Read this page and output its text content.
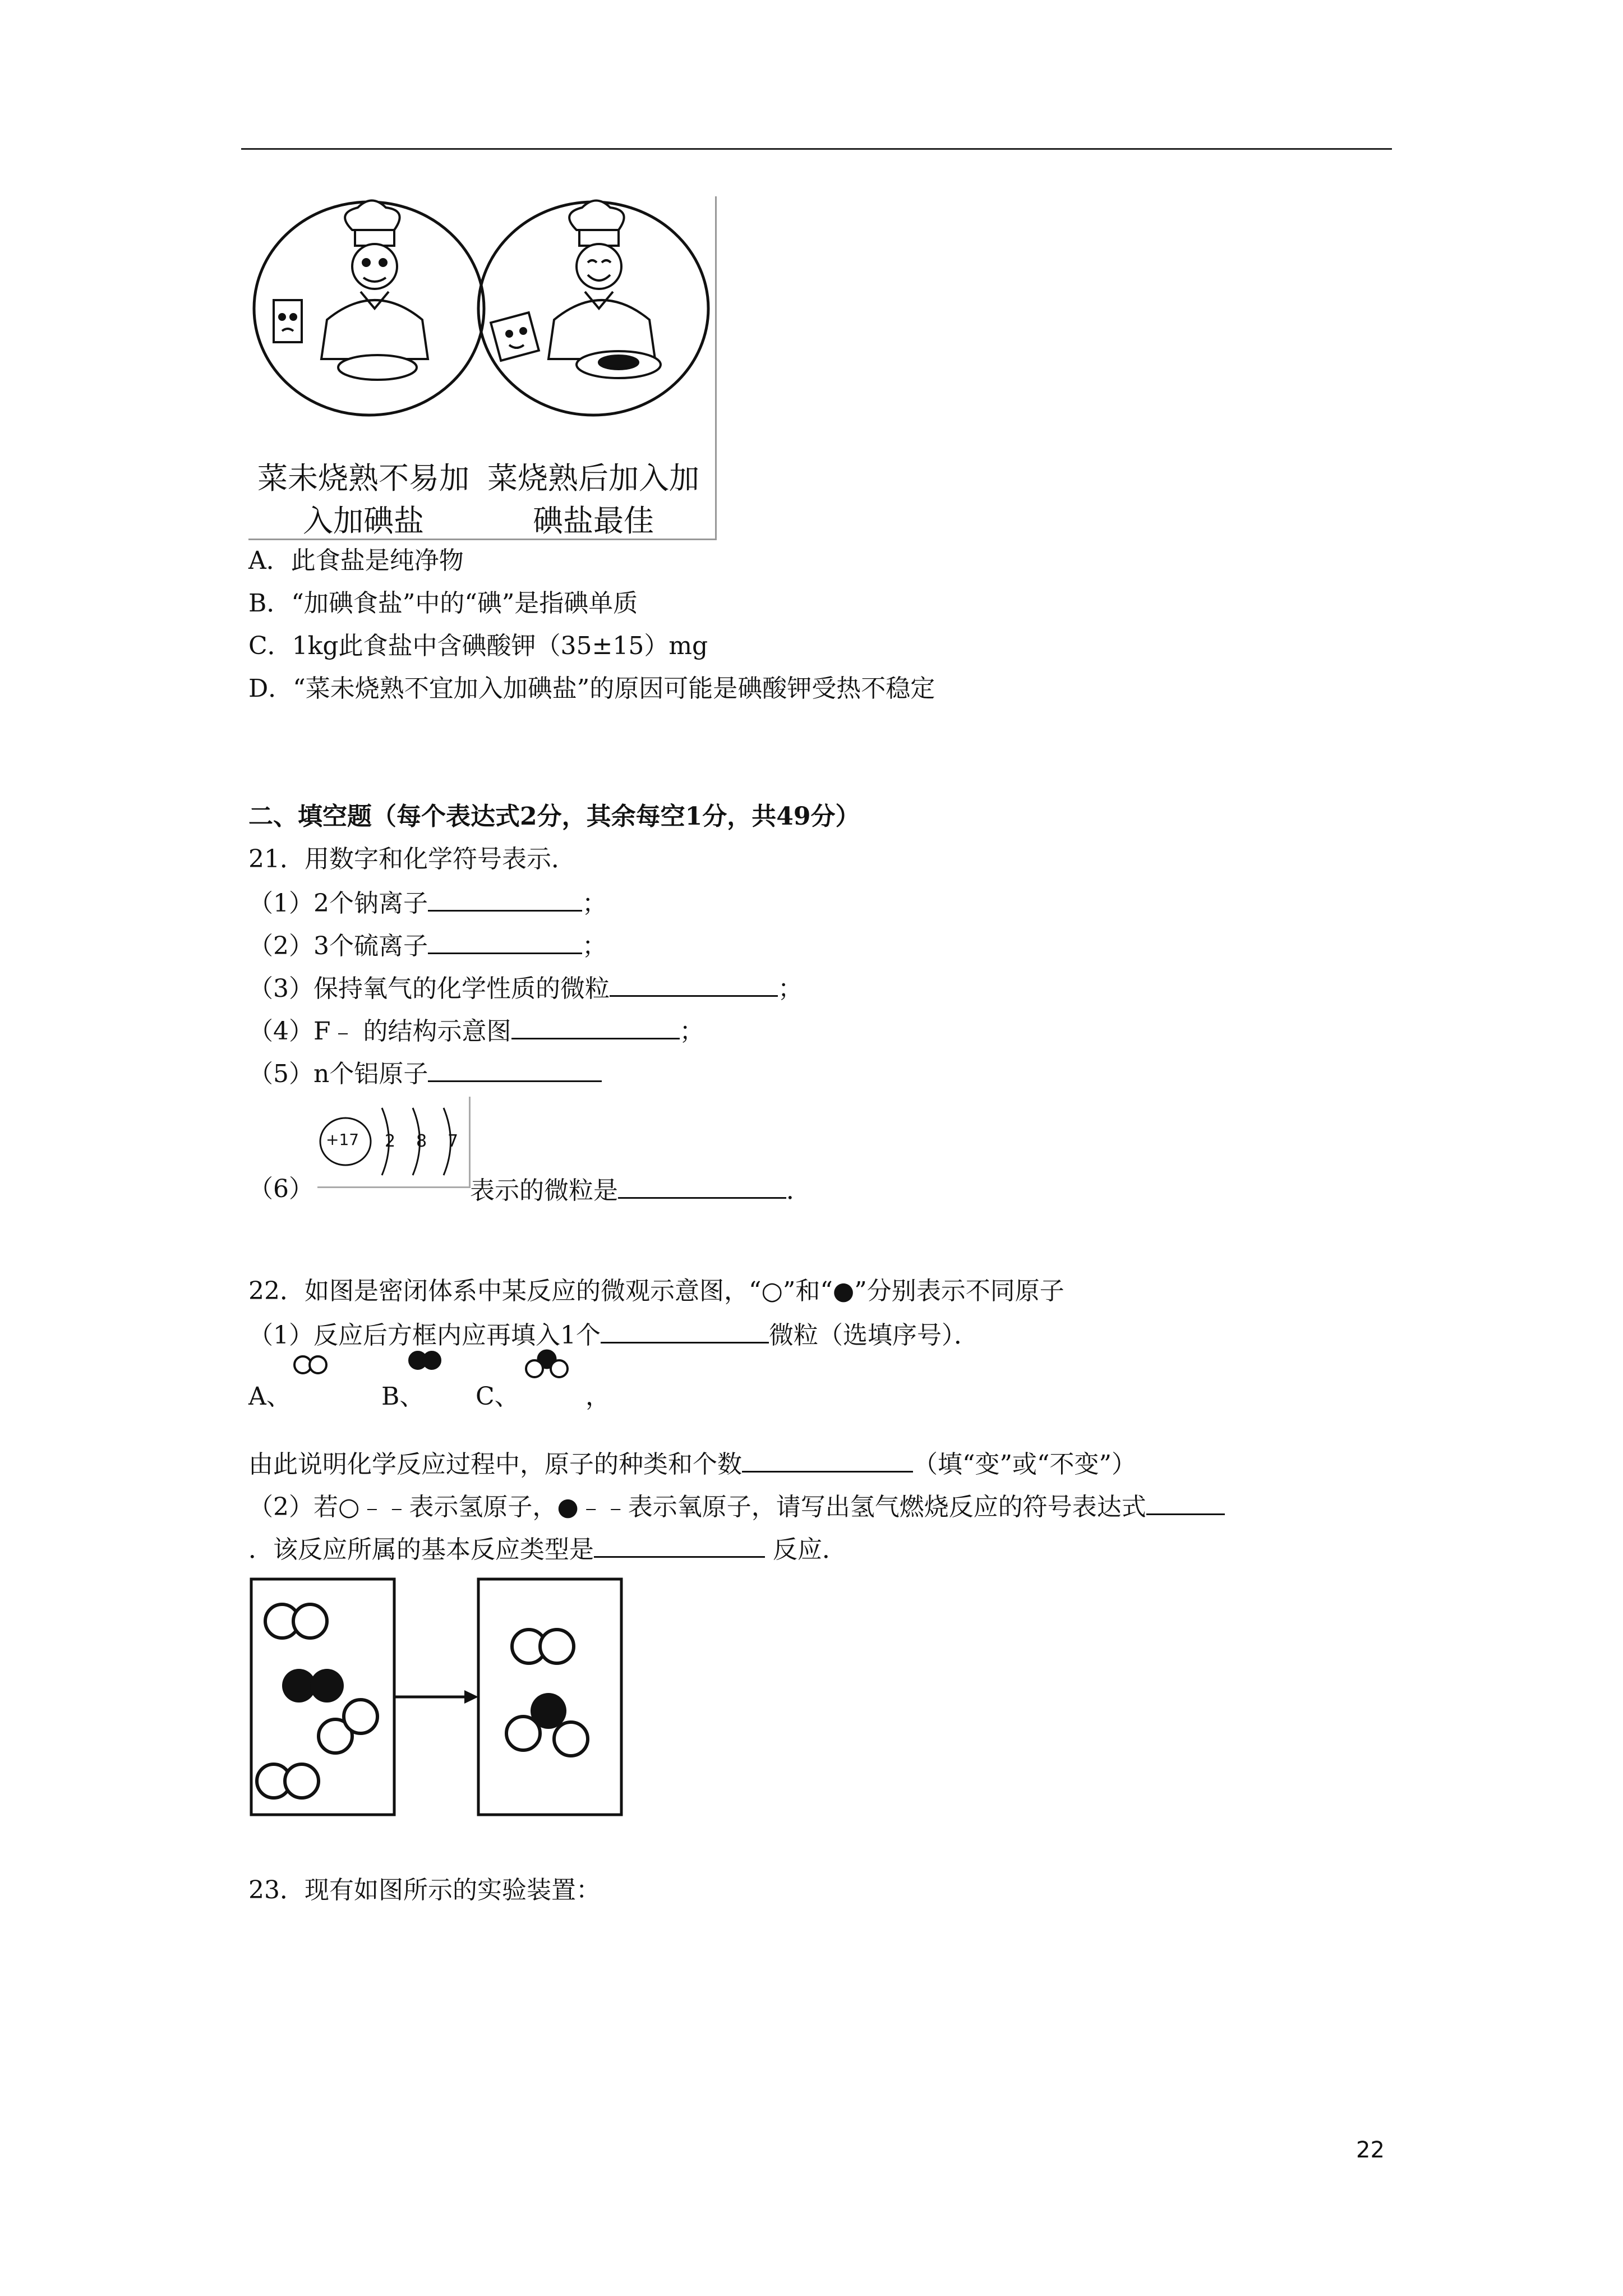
菜未烧熟不易加
入加碘盐
菜烧熟后加入加
碘盐最佳
A．此食盐是纯净物
B．“加碘食盐”中的“碘”是指碘单质
C．1kg此食盐中含碘酸钾（35±15）mg
D．“菜未烧熟不宜加入加碘盐”的原因可能是碘酸钾受热不稳定
二、填空题（每个表达式2分，其余每空1分，共49分）
21．用数字和化学符号表示．
（1）2个钠离子	；
（2）3个硫离子	；
（3）保持氧气的化学性质的微粒	；
（4）F﹣ 的结构示意图	；
（5）n个铝原子
+17 2 8 7
（6）	表示的微粒是	．
22．如图是密闭体系中某反应的微观示意图，“○”和“●”分别表示不同原子
（1）反应后方框内应再填入1个	微粒（选填序号）．
A、	B、 C、	，
由此说明化学反应过程中，原子的种类和个数	（填“变”或“不变”）
（2）若○﹣﹣表示氢原子，●﹣﹣表示氧原子，请写出氢气燃烧反应的符号表达式
．该反应所属的基本反应类型是	反应．
23．现有如图所示的实验装置：
22
